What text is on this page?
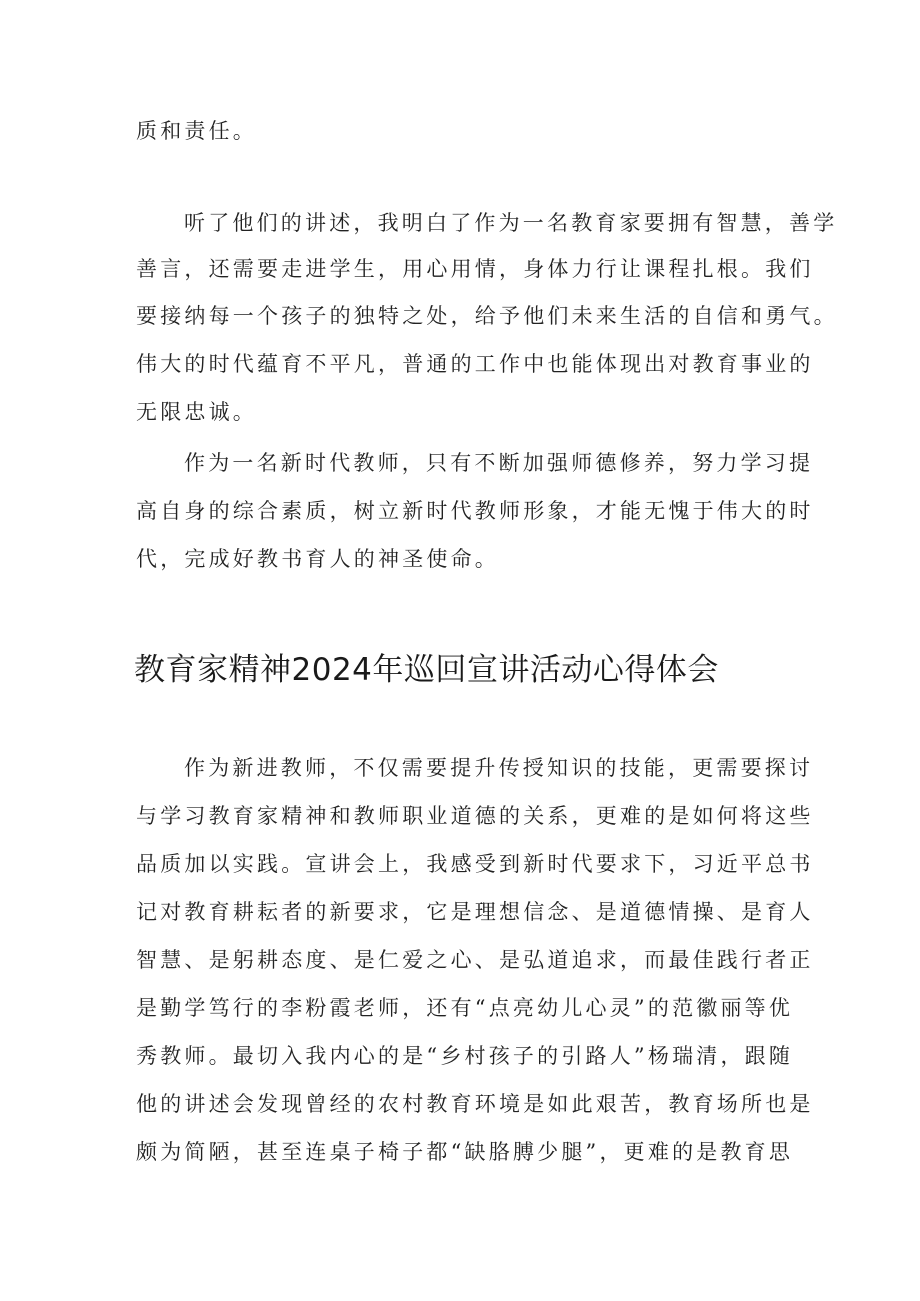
质和责任。

听了他们的讲述，我明白了作为一名教育家要拥有智慧，善学

善言，还需要走进学生，用心用情，身体力行让课程扎根。我们

要接纳每一个孩子的独特之处，给予他们未来生活的自信和勇气。

伟大的时代蕴育不平凡，普通的工作中也能体现出对教育事业的

无限忠诚。

作为一名新时代教师，只有不断加强师德修养，努力学习提

高自身的综合素质，树立新时代教师形象，才能无愧于伟大的时

代，完成好教书育人的神圣使命。

教育家精神2024年巡回宣讲活动心得体会

作为新进教师，不仅需要提升传授知识的技能，更需要探讨

与学习教育家精神和教师职业道德的关系，更难的是如何将这些

品质加以实践。宣讲会上，我感受到新时代要求下，习近平总书

记对教育耕耘者的新要求，它是理想信念、是道德情操、是育人

智慧、是躬耕态度、是仁爱之心、是弘道追求，而最佳践行者正

是勤学笃行的李粉霞老师，还有“点亮幼儿心灵”的范徽丽等优

秀教师。最切入我内心的是“乡村孩子的引路人”杨瑞清，跟随

他的讲述会发现曾经的农村教育环境是如此艰苦，教育场所也是

颇为简陋，甚至连桌子椅子都“缺胳膊少腿”，更难的是教育思
